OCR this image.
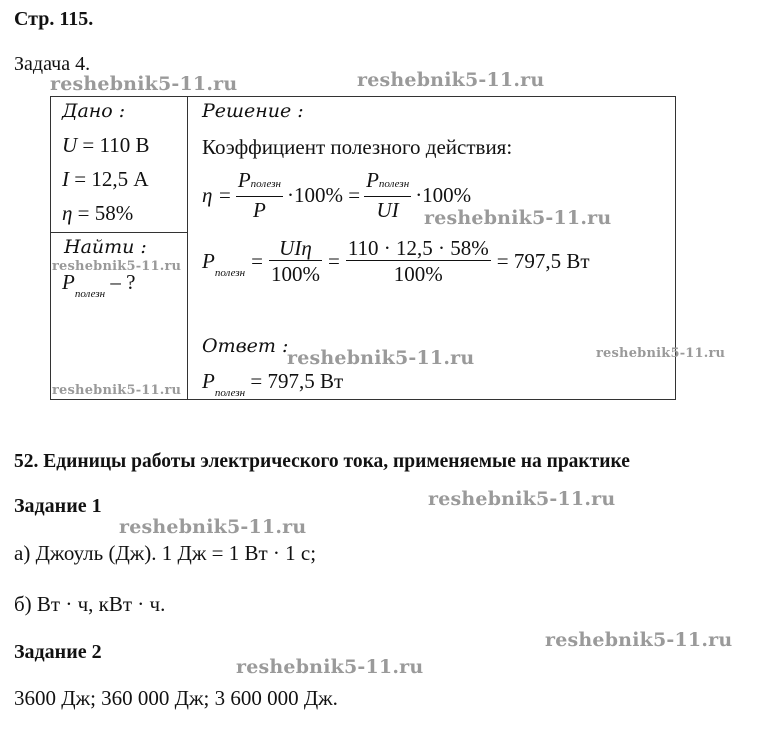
Стр. 115.
Задача 4.
Дано :
U = 110 В
I = 12,5 А
η = 58%
Найти :
$P_{полезн}$ – ?
Решение :
Коэффициент полезного действия:
$\eta = \frac{\text{Pполезн}}{P} \cdot 100\% = \frac{\text{Pполезн}}{UI} \cdot 100\%$
$P_{полезн} = \frac{\text{UIη}}{100\%} = \frac{110 \cdot 12,5 \cdot 58\%}{100\%} = 797,5$ Вт
Ответ :
$P_{полезн} = 797,5$ Вт
52. Единицы работы электрического тока, применяемые на практике
Задание 1
а) Джоуль (Дж). 1 Дж = 1 Вт · 1 с;
б) Вт · ч, кВт · ч.
Задание 2
3600 Дж; 360 000 Дж; 3 600 000 Дж.
reshebnik5-11.ru	reshebnik5-11.ru
reshebnik5-11.ru
reshebnik5-11.ru
reshebnik5-11.ru	reshebnik5-11.ru
reshebnik5-11.ru
reshebnik5-11.ru
reshebnik5-11.ru
reshebnik5-11.ru
reshebnik5-11.ru
